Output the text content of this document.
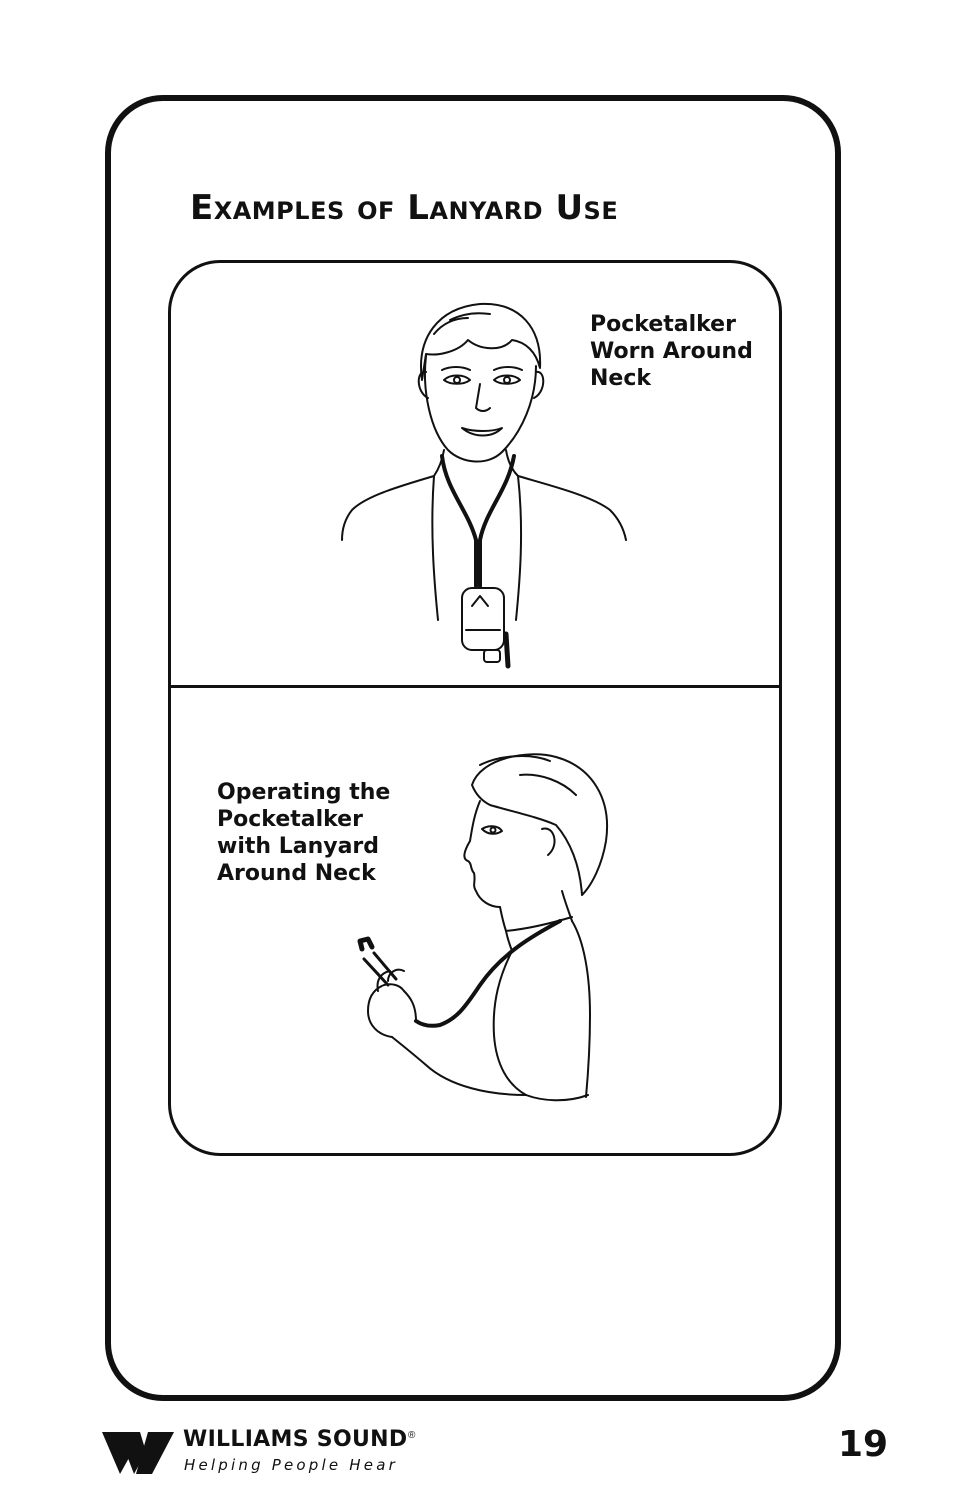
Examples of Lanyard Use

Pocketalker
Worn Around
Neck

Operating the
Pocketalker
with Lanyard
Around Neck

WILLIAMS SOUND ®

Helping People Hear	19
